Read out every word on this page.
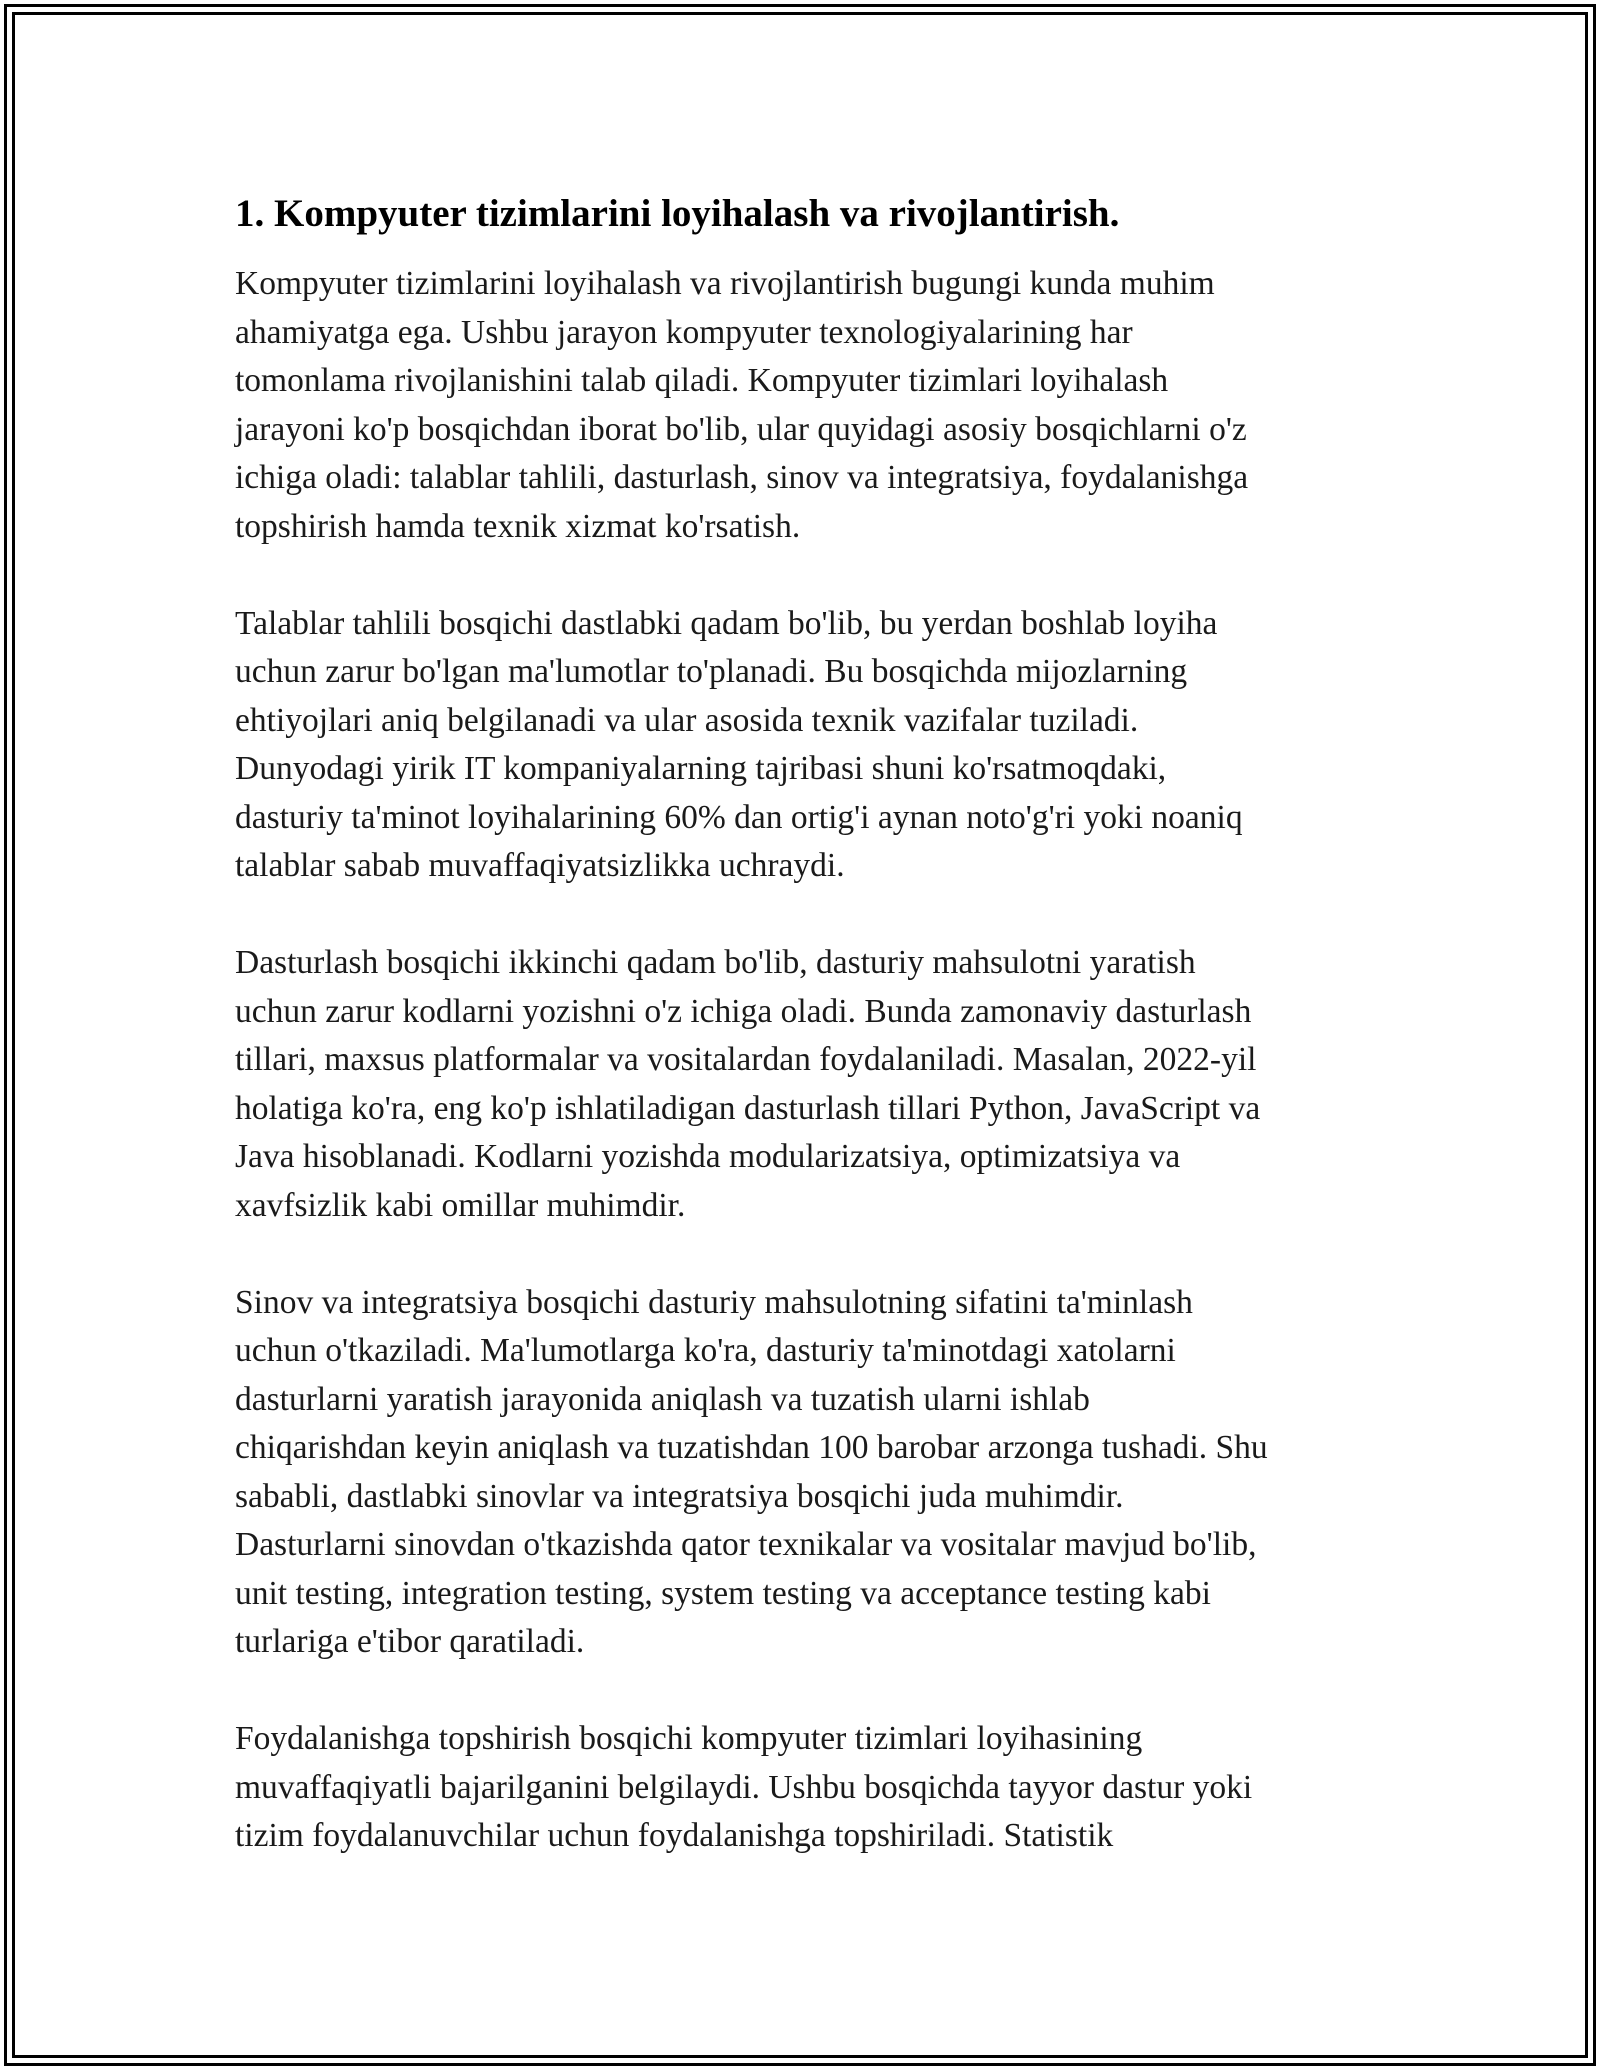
1. Kompyuter tizimlarini loyihalash va rivojlantirish.
Kompyuter tizimlarini loyihalash va rivojlantirish bugungi kunda muhim
ahamiyatga ega. Ushbu jarayon kompyuter texnologiyalarining har
tomonlama rivojlanishini talab qiladi. Kompyuter tizimlari loyihalash
jarayoni ko'p bosqichdan iborat bo'lib, ular quyidagi asosiy bosqichlarni o'z
ichiga oladi: talablar tahlili, dasturlash, sinov va integratsiya, foydalanishga
topshirish hamda texnik xizmat ko'rsatish.
Talablar tahlili bosqichi dastlabki qadam bo'lib, bu yerdan boshlab loyiha
uchun zarur bo'lgan ma'lumotlar to'planadi. Bu bosqichda mijozlarning
ehtiyojlari aniq belgilanadi va ular asosida texnik vazifalar tuziladi.
Dunyodagi yirik IT kompaniyalarning tajribasi shuni ko'rsatmoqdaki,
dasturiy ta'minot loyihalarining 60% dan ortig'i aynan noto'g'ri yoki noaniq
talablar sabab muvaffaqiyatsizlikka uchraydi.
Dasturlash bosqichi ikkinchi qadam bo'lib, dasturiy mahsulotni yaratish
uchun zarur kodlarni yozishni o'z ichiga oladi. Bunda zamonaviy dasturlash
tillari, maxsus platformalar va vositalardan foydalaniladi. Masalan, 2022-yil
holatiga ko'ra, eng ko'p ishlatiladigan dasturlash tillari Python, JavaScript va
Java hisoblanadi. Kodlarni yozishda modularizatsiya, optimizatsiya va
xavfsizlik kabi omillar muhimdir.
Sinov va integratsiya bosqichi dasturiy mahsulotning sifatini ta'minlash
uchun o'tkaziladi. Ma'lumotlarga ko'ra, dasturiy ta'minotdagi xatolarni
dasturlarni yaratish jarayonida aniqlash va tuzatish ularni ishlab
chiqarishdan keyin aniqlash va tuzatishdan 100 barobar arzonga tushadi. Shu
sababli, dastlabki sinovlar va integratsiya bosqichi juda muhimdir.
Dasturlarni sinovdan o'tkazishda qator texnikalar va vositalar mavjud bo'lib,
unit testing, integration testing, system testing va acceptance testing kabi
turlariga e'tibor qaratiladi.
Foydalanishga topshirish bosqichi kompyuter tizimlari loyihasining
muvaffaqiyatli bajarilganini belgilaydi. Ushbu bosqichda tayyor dastur yoki
tizim foydalanuvchilar uchun foydalanishga topshiriladi. Statistik
